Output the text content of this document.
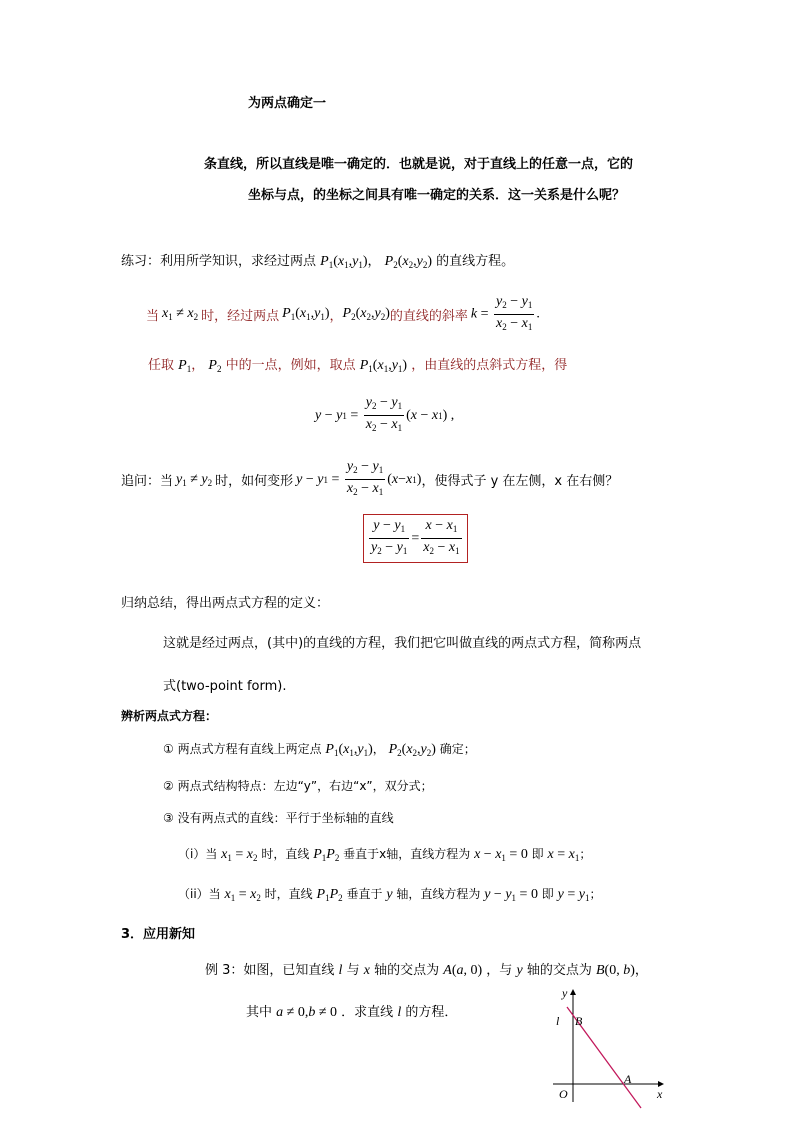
为两点确定一
条直线，所以直线是唯一确定的．也就是说，对于直线上的任意一点，它的
坐标与点，的坐标之间具有唯一确定的关系．这一关系是什么呢？
练习：利用所学知识，求经过两点 $P_1(x_1,y_1)$， $P_2(x_2,y_2)$ 的直线方程。
当 $x_1 \ne x_2$ 时，经过两点 $P_1(x_1,y_1)$ ， $P_2(x_2,y_2)$ 的直线的斜率 $k = \frac{y_2 - y_1}{x_2 - x_1}$ .
任取 $P_1$， $P_2$ 中的一点，例如，取点 $P_1(x_1,y_1)$ ，由直线的点斜式方程，得
y − y $1 = \frac{y_2 - y_1}{x_2 - x_1}$ ( x − x 1 ) ,
追问：当 $y_1 \ne y_2$ 时，如何变形 y − y $1 = \frac{y_2 - y_1}{x_2 - x_1}$ ( x − x 1 ) ，使得式子 y 在左侧，x 在右侧？
$\frac{y - y_1}{y_2 - y_1} = \frac{x - x_1}{x_2 - x_1}$
归纳总结，得出两点式方程的定义：
这就是经过两点，(其中)的直线的方程，我们把它叫做直线的两点式方程，简称两点
式(two-point form).
辨析两点式方程：
① 两点式方程有直线上两定点 $P_1(x_1,y_1)$， $P_2(x_2,y_2)$ 确定；
② 两点式结构特点：左边“y”，右边“x”，双分式；
③ 没有两点式的直线：平行于坐标轴的直线
（i）当 $x_1 = x_2$ 时，直线 $P_1P_2$ 垂直于x轴，直线方程为 $x - x_1 = 0$ 即 $x = x_1$；
（ii）当 $x_1 = x_2$ 时，直线 $P_1P_2$ 垂直于 y 轴，直线方程为 $y - y_1 = 0$ 即 $y = y_1$；
3．应用新知
例 3：如图，已知直线 l 与 x 轴的交点为 A(a, 0) ，与 y 轴的交点为 B(0, b)，
其中 a ≠ 0,b ≠ 0 ．求直线 l 的方程．
y
x
O
l B
A
